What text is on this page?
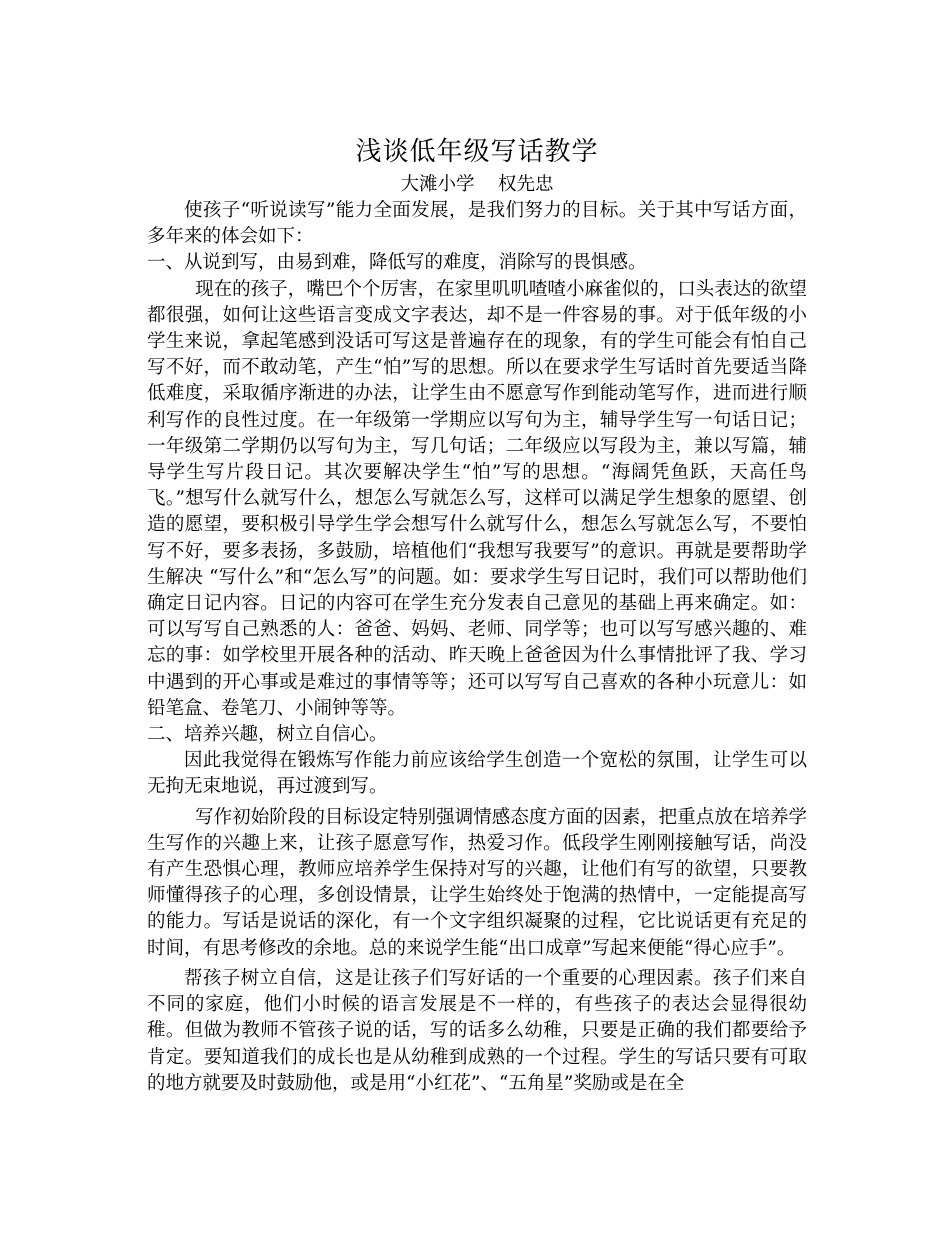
浅谈低年级写话教学
大滩小学    权先忠

使孩子“听说读写”能力全面发展，是我们努力的目标。关于其中写话方面，多年来的体会如下：

一、从说到写，由易到难，降低写的难度，消除写的畏惧感。

现在的孩子，嘴巴个个厉害，在家里叽叽喳喳小麻雀似的，口头表达的欲望都很强，如何让这些语言变成文字表达，却不是一件容易的事。对于低年级的小学生来说，拿起笔感到没话可写这是普遍存在的现象，有的学生可能会有怕自己写不好，而不敢动笔，产生“怕”写的思想。所以在要求学生写话时首先要适当降低难度，采取循序渐进的办法，让学生由不愿意写作到能动笔写作，进而进行顺利写作的良性过度。在一年级第一学期应以写句为主，辅导学生写一句话日记；一年级第二学期仍以写句为主，写几句话；二年级应以写段为主，兼以写篇，辅导学生写片段日记。其次要解决学生“怕”写的思想。“海阔凭鱼跃，天高任鸟飞。”想写什么就写什么，想怎么写就怎么写，这样可以满足学生想象的愿望、创造的愿望，要积极引导学生学会想写什么就写什么，想怎么写就怎么写，不要怕写不好，要多表扬，多鼓励，培植他们“我想写我要写”的意识。再就是要帮助学生解决 “写什么”和“怎么写”的问题。如：要求学生写日记时，我们可以帮助他们确定日记内容。日记的内容可在学生充分发表自己意见的基础上再来确定。如：可以写写自己熟悉的人：爸爸、妈妈、老师、同学等；也可以写写感兴趣的、难忘的事：如学校里开展各种的活动、昨天晚上爸爸因为什么事情批评了我、学习中遇到的开心事或是难过的事情等等；还可以写写自己喜欢的各种小玩意儿：如铅笔盒、卷笔刀、小闹钟等等。

二、培养兴趣，树立自信心。

因此我觉得在锻炼写作能力前应该给学生创造一个宽松的氛围，让学生可以无拘无束地说，再过渡到写。

写作初始阶段的目标设定特别强调情感态度方面的因素，把重点放在培养学生写作的兴趣上来，让孩子愿意写作，热爱习作。低段学生刚刚接触写话，尚没有产生恐惧心理，教师应培养学生保持对写的兴趣，让他们有写的欲望，只要教师懂得孩子的心理，多创设情景，让学生始终处于饱满的热情中，一定能提高写的能力。写话是说话的深化，有一个文字组织凝聚的过程，它比说话更有充足的时间，有思考修改的余地。总的来说学生能“出口成章”写起来便能“得心应手”。

帮孩子树立自信，这是让孩子们写好话的一个重要的心理因素。孩子们来自不同的家庭，他们小时候的语言发展是不一样的，有些孩子的表达会显得很幼稚。但做为教师不管孩子说的话，写的话多么幼稚，只要是正确的我们都要给予肯定。要知道我们的成长也是从幼稚到成熟的一个过程。学生的写话只要有可取的地方就要及时鼓励他，或是用“小红花”、“五角星”奖励或是在全
